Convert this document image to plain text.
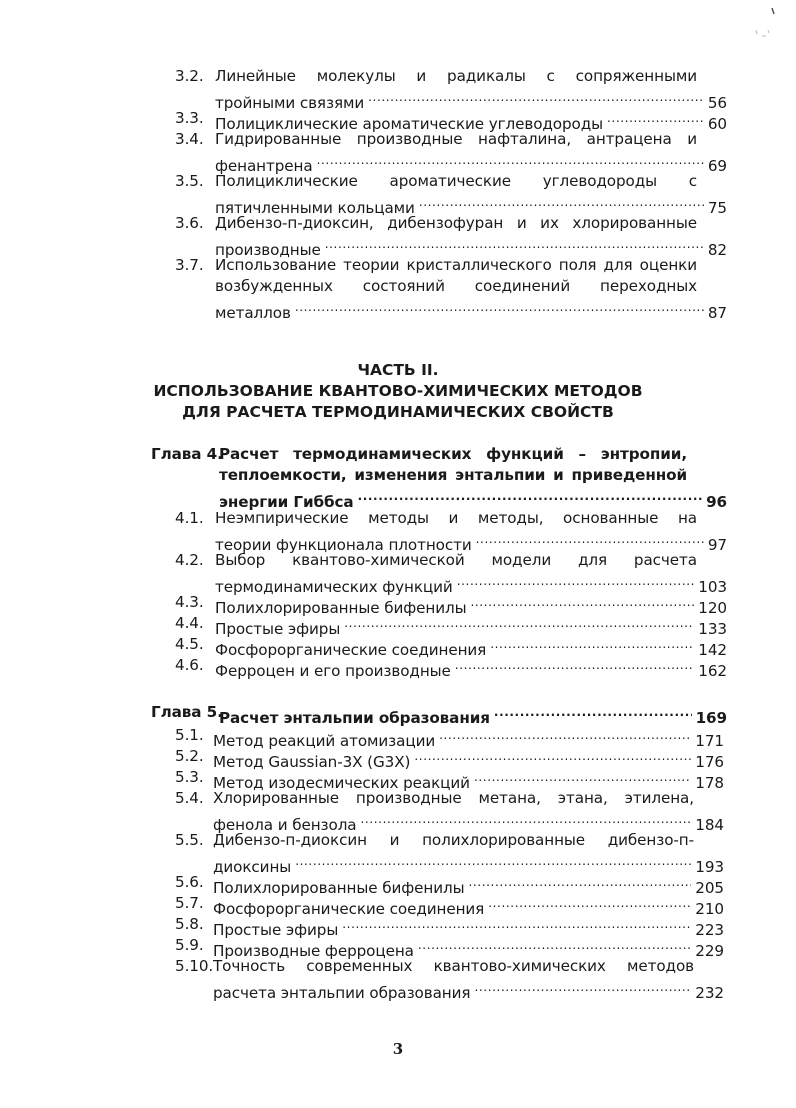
3.2. Линейные молекулы и радикалы с сопряженными
тройными связями .....	56
3.3. Полициклические ароматические углеводороды .....	60
3.4. Гидрированные производные нафталина, антрацена и
фенантрена .....	69
3.5. Полициклические ароматические углеводороды с
пятичленными кольцами .....	75
3.6. Дибензо-п-диоксин, дибензофуран и их хлорированные
производные .....	82
3.7. Использование теории кристаллического поля для оценки
возбужденных состояний соединений переходных
металлов .....	87
ЧАСТЬ II.
ИСПОЛЬЗОВАНИЕ КВАНТОВО-ХИМИЧЕСКИХ МЕТОДОВ
ДЛЯ РАСЧЕТА ТЕРМОДИНАМИЧЕСКИХ СВОЙСТВ
Глава 4.
Расчет термодинамических функций – энтропии,
теплоемкости, изменения энтальпии и приведенной
энергии Гиббса .....	96
4.1. Неэмпирические методы и методы, основанные на
теории функционала плотности .....	97
4.2. Выбор квантово-химической модели для расчета
термодинамических функций .....	103
4.3. Полихлорированные бифенилы .....	120
4.4. Простые эфиры .....	133
4.5. Фосфорорганические соединения .....	142
4.6. Ферроцен и его производные .....	162
Глава 5.
Расчет энтальпии образования .....	169
5.1. Метод реакций атомизации .....	171
5.2. Метод Gaussian-3X (G3X) .....	176
5.3. Метод изодесмических реакций .....	178
5.4. Хлорированные производные метана, этана, этилена,
фенола и бензола .....	184
5.5. Дибензо-п-диоксин и полихлорированные дибензо-п-
диоксины .....	193
5.6. Полихлорированные бифенилы .....	205
5.7. Фосфорорганические соединения .....	210
5.8. Простые эфиры .....	223
5.9. Производные ферроцена .....	229
5.10. Точность современных квантово-химических методов
расчета энтальпии образования .....	232
3
